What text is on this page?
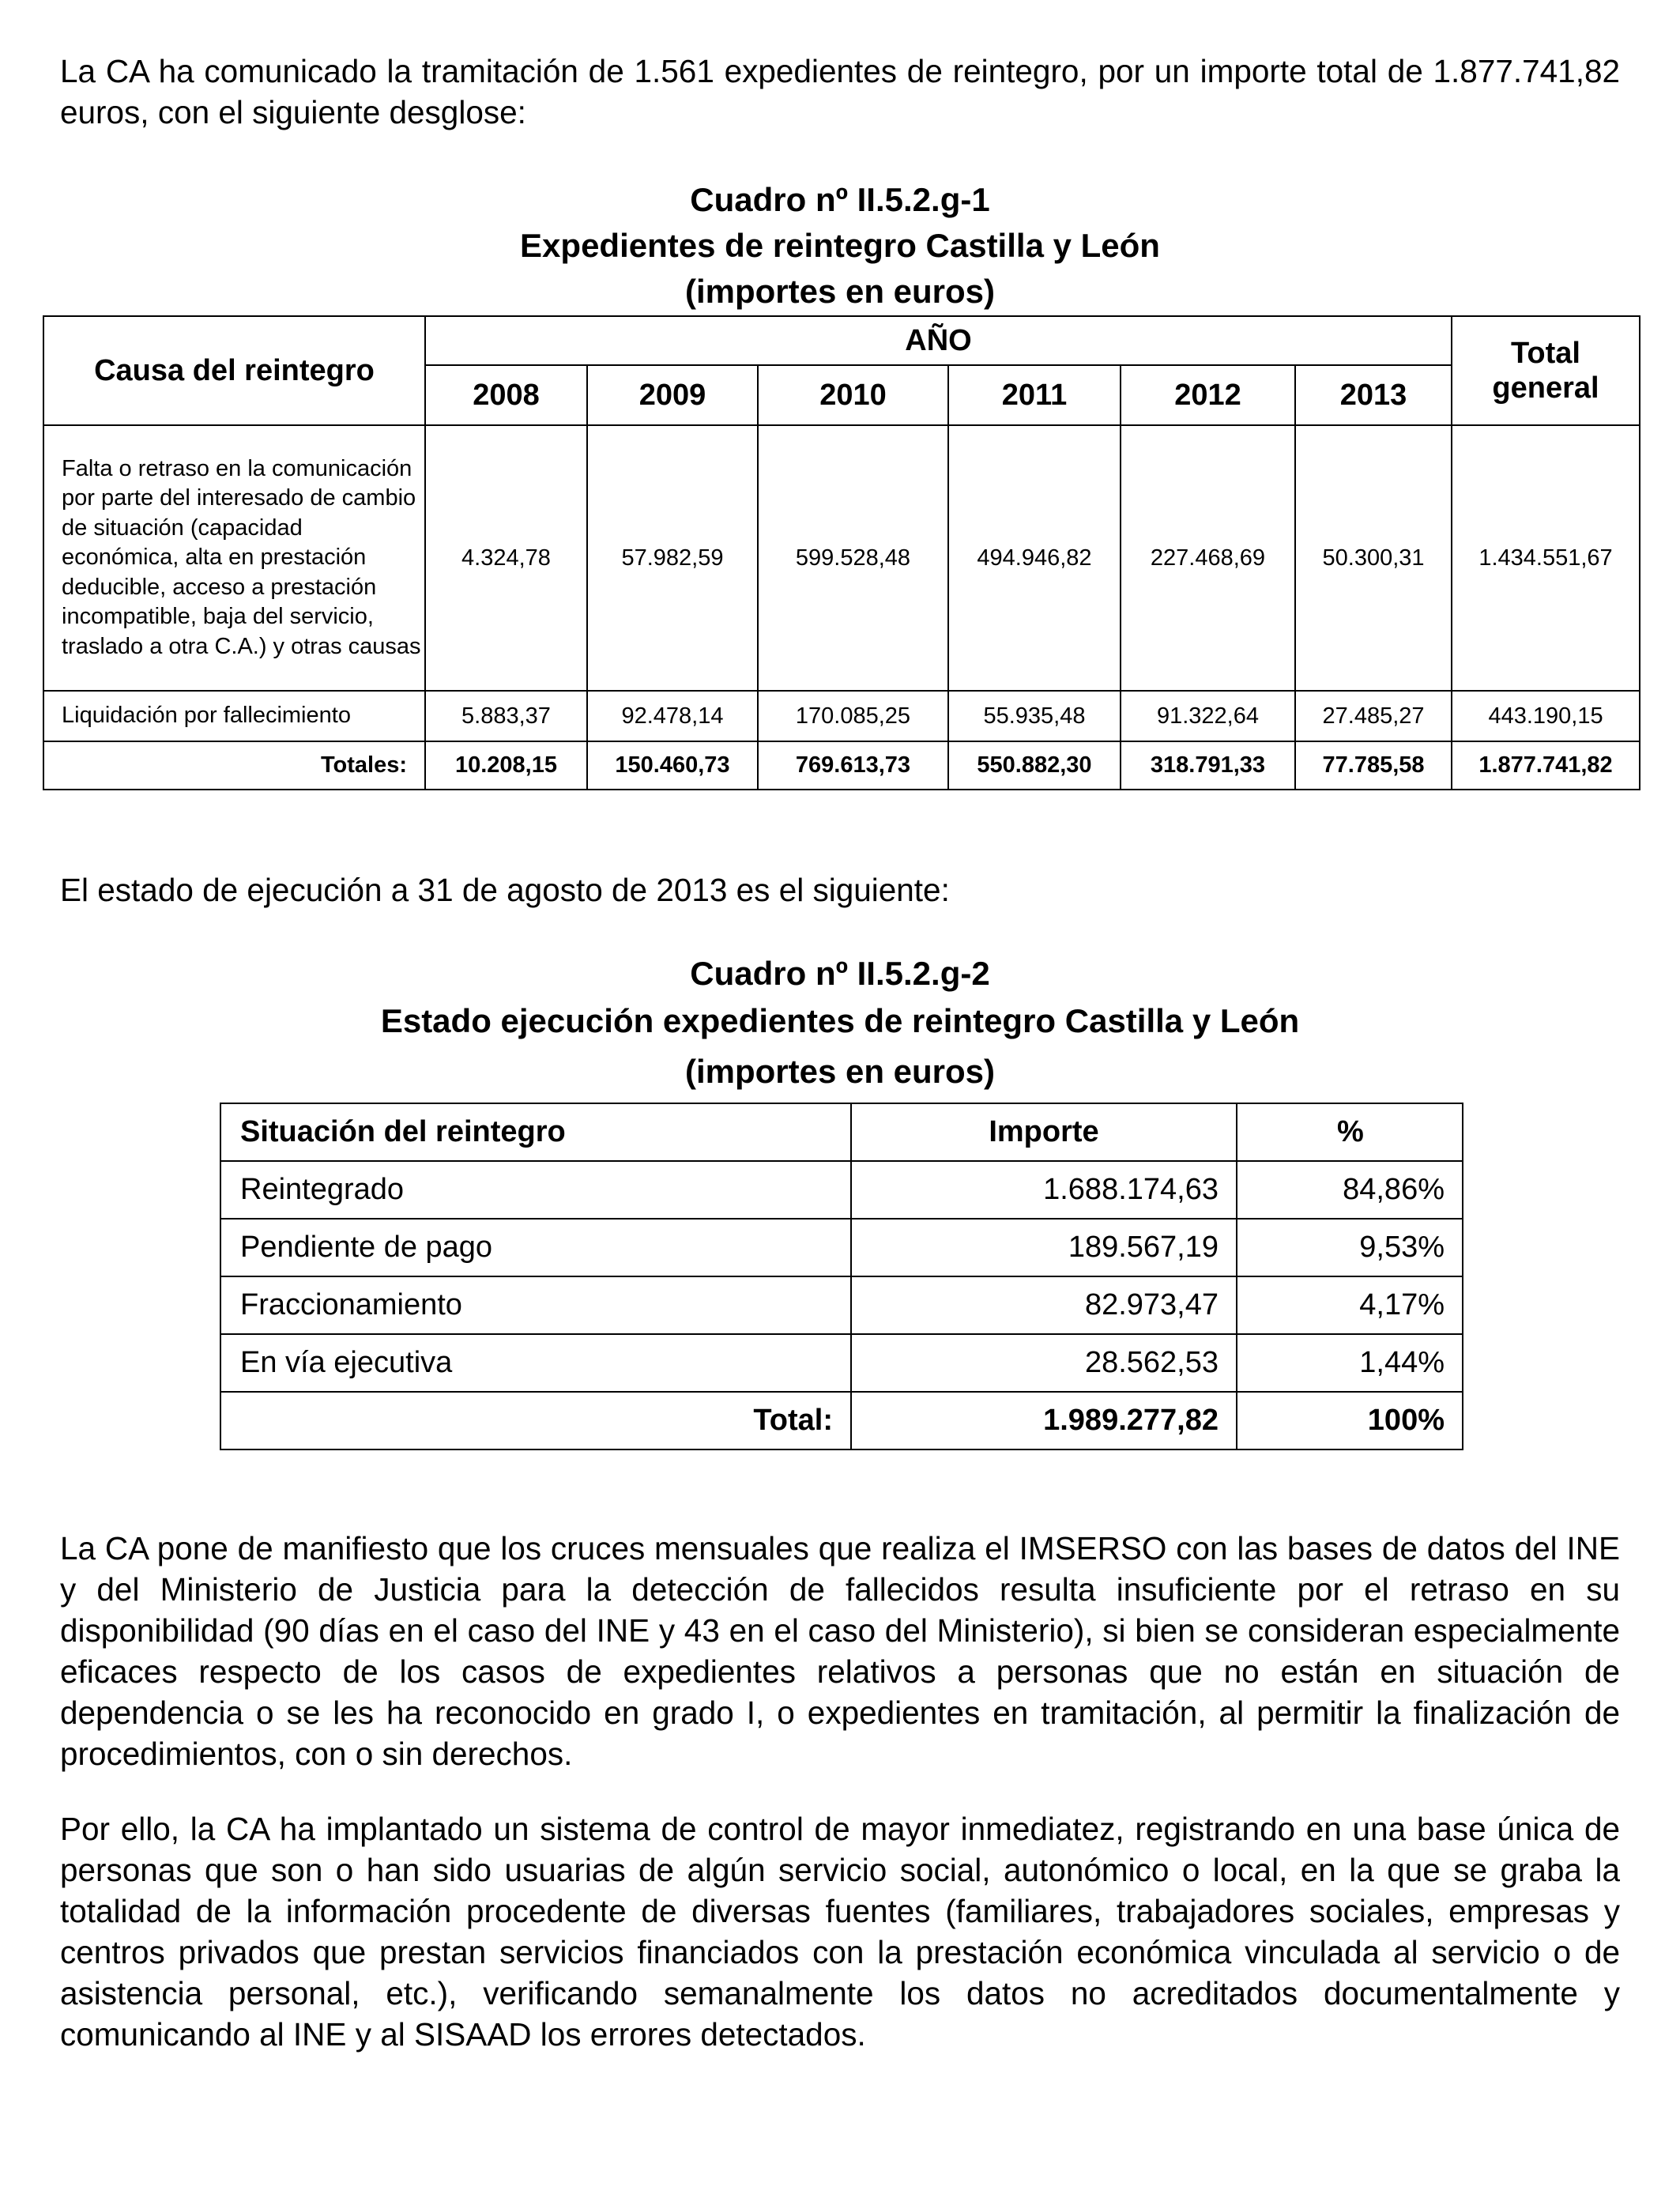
La CA ha comunicado la tramitación de 1.561 expedientes de reintegro, por un importe total de 1.877.741,82 euros, con el siguiente desglose:

Cuadro nº II.5.2.g-1
Expedientes de reintegro Castilla y León
(importes en euros)
Causa del reintegro	AÑO						Total
general
	2008	2009	2010	2011	2012	2013	
Falta o retraso en la comunicación por parte del interesado de cambio de situación (capacidad económica, alta en prestación deducible, acceso a prestación incompatible, baja del servicio, traslado a otra C.A.) y otras causas	4.324,78	57.982,59	599.528,48	494.946,82	227.468,69	50.300,31	1.434.551,67
Liquidación por fallecimiento	5.883,37	92.478,14	170.085,25	55.935,48	91.322,64	27.485,27	443.190,15
Totales:	10.208,15	150.460,73	769.613,73	550.882,30	318.791,33	77.785,58	1.877.741,82

El estado de ejecución a 31 de agosto de 2013 es el siguiente:

Cuadro nº II.5.2.g-2
Estado ejecución expedientes de reintegro Castilla y León
(importes en euros)
Situación del reintegro	Importe	%
Reintegrado	1.688.174,63	84,86%
Pendiente de pago	189.567,19	9,53%
Fraccionamiento	82.973,47	4,17%
En vía ejecutiva	28.562,53	1,44%
Total:	1.989.277,82	100%

La CA pone de manifiesto que los cruces mensuales que realiza el IMSERSO con las bases de datos del INE y del Ministerio de Justicia para la detección de fallecidos resulta insuficiente por el retraso en su disponibilidad (90 días en el caso del INE y 43 en el caso del Ministerio), si bien se consideran especialmente eficaces respecto de los casos de expedientes relativos a personas que no están en situación de dependencia o se les ha reconocido en grado I, o expedientes en tramitación, al permitir la finalización de procedimientos, con o sin derechos.

Por ello, la CA ha implantado un sistema de control de mayor inmediatez, registrando en una base única de personas que son o han sido usuarias de algún servicio social, autonómico o local, en la que se graba la totalidad de la información procedente de diversas fuentes (familiares, trabajadores sociales, empresas y centros privados que prestan servicios financiados con la prestación económica vinculada al servicio o de asistencia personal, etc.), verificando semanalmente los datos no acreditados documentalmente y comunicando al INE y al SISAAD los errores detectados.
